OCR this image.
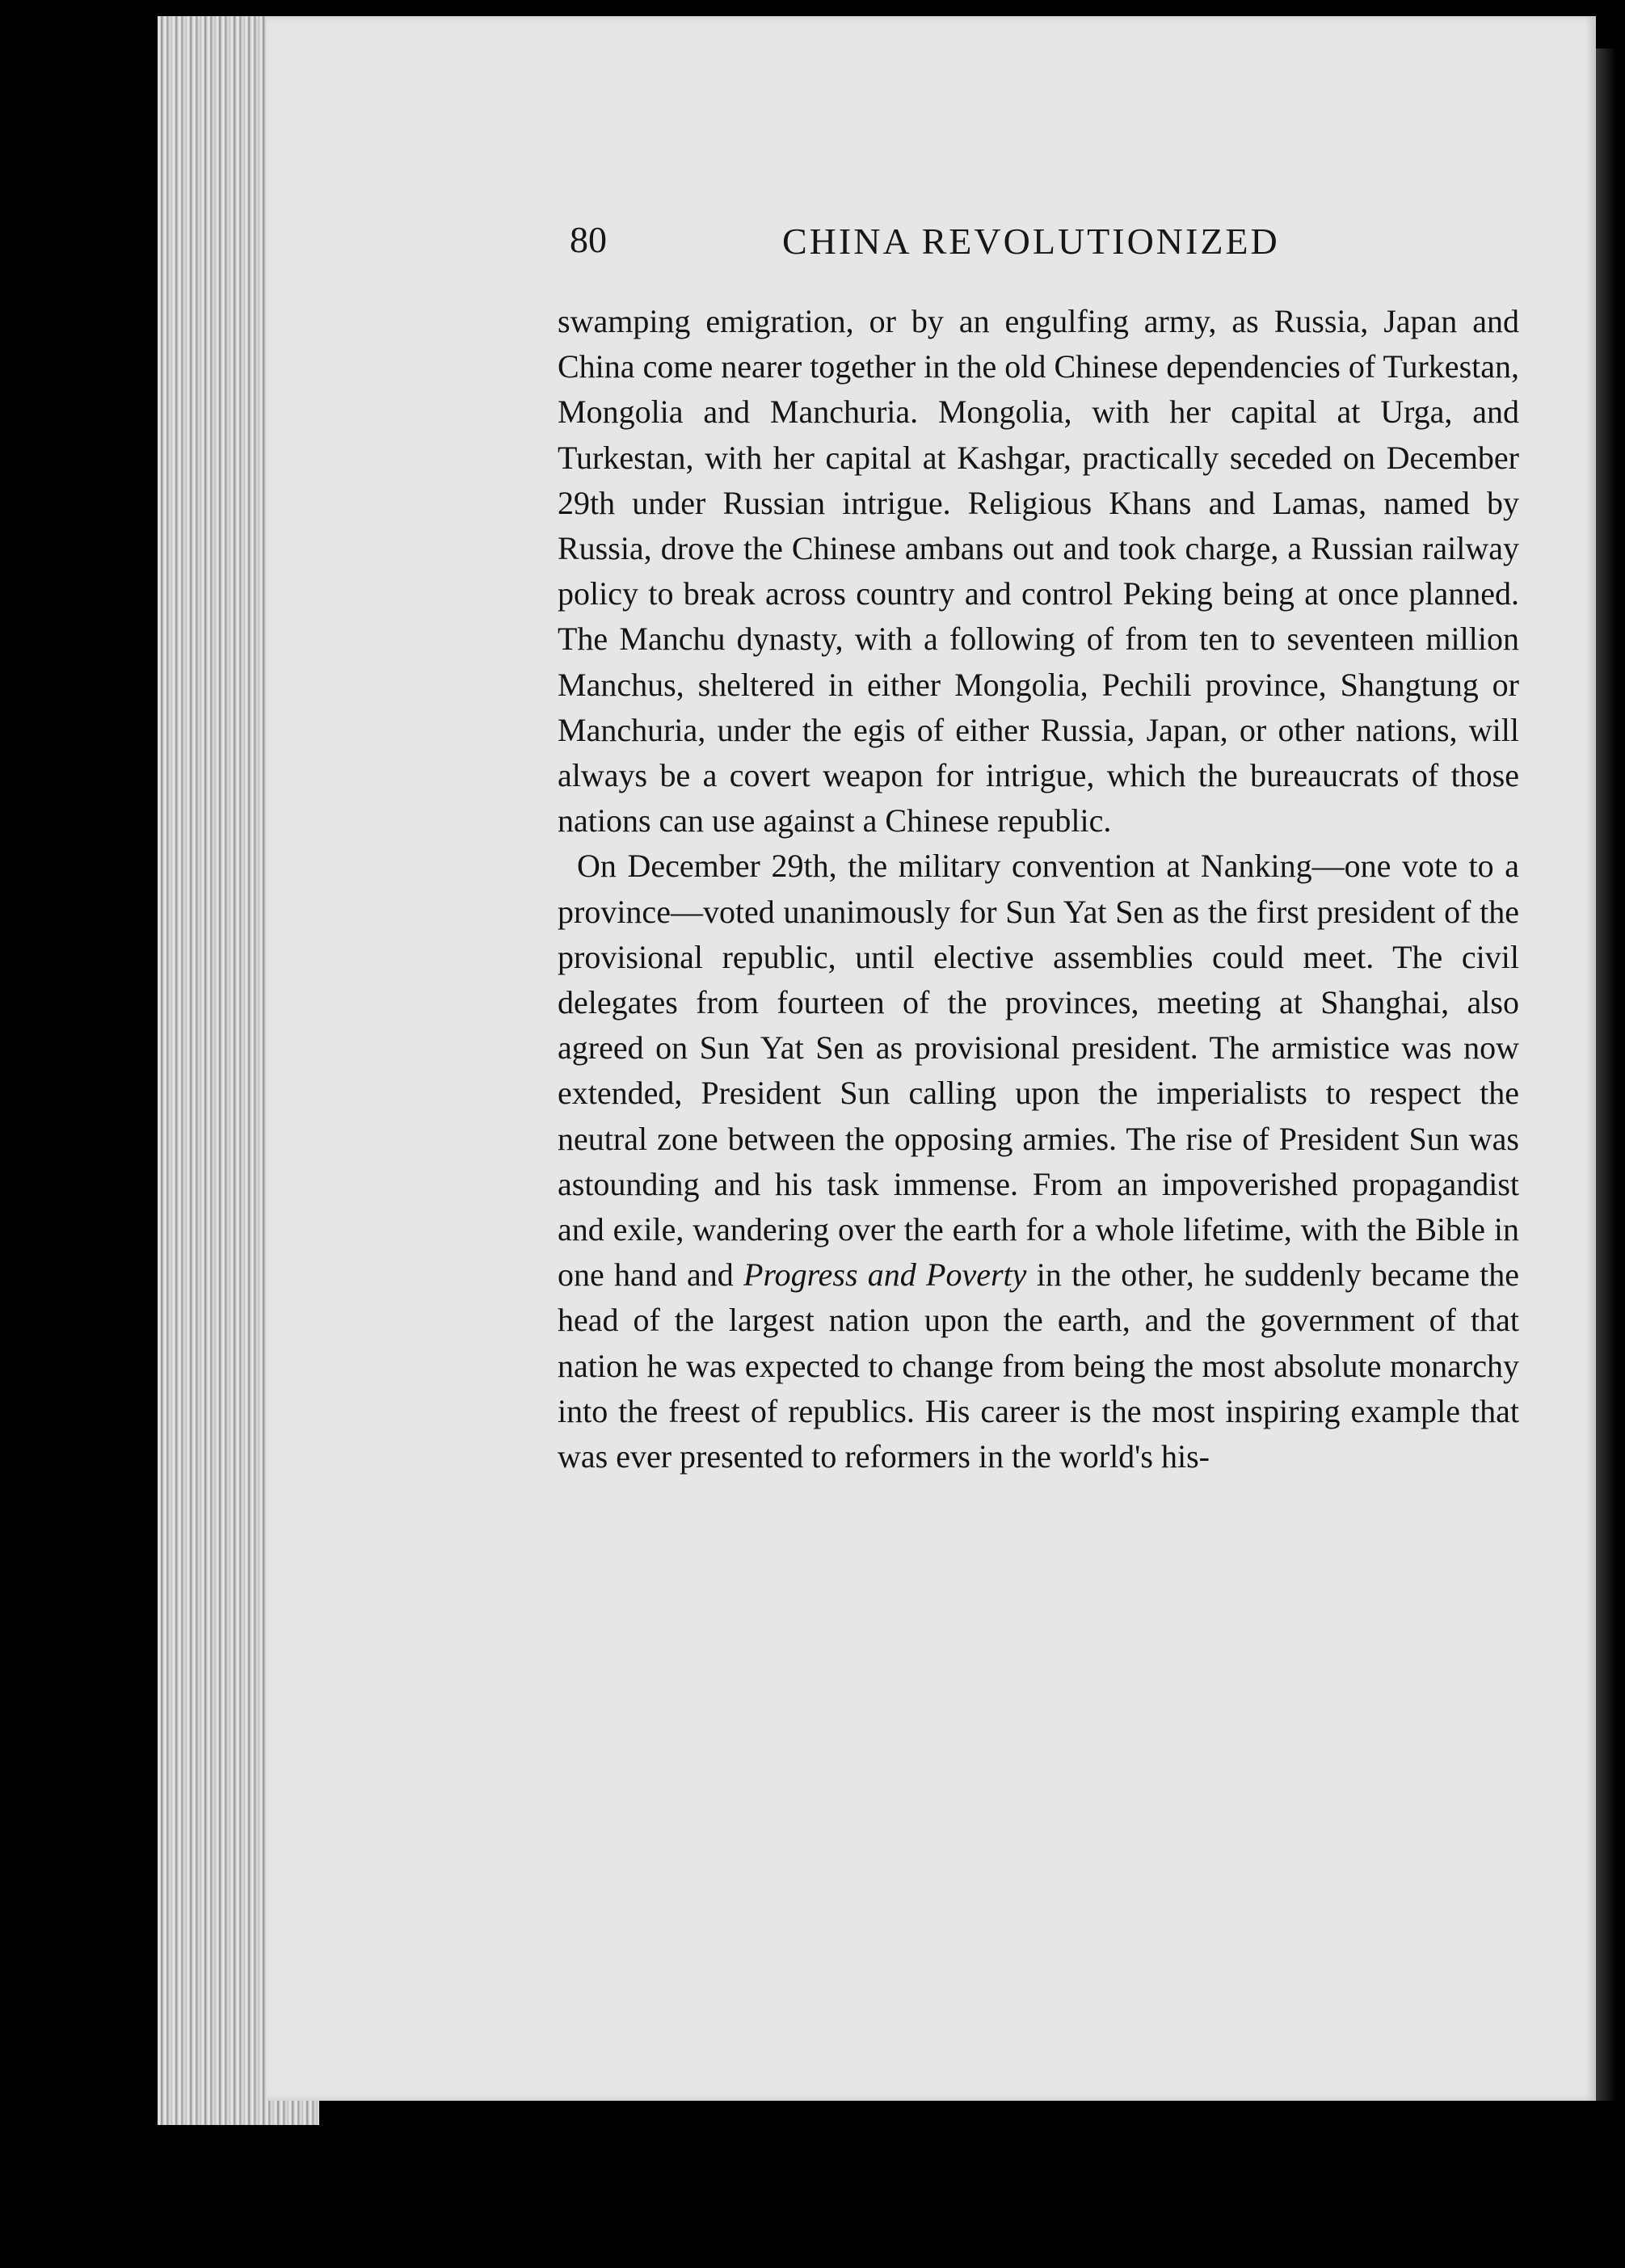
80	CHINA REVOLUTIONIZED

swamping emigration, or by an engulfing army, as Russia, Japan and China come nearer together in the old Chinese dependencies of Turkestan, Mongolia and Manchuria. Mongolia, with her capital at Urga, and Turkestan, with her capital at Kashgar, practically seceded on December 29th under Russian intrigue. Religious Khans and Lamas, named by Russia, drove the Chinese ambans out and took charge, a Russian railway policy to break across country and control Peking being at once planned. The Manchu dynasty, with a following of from ten to seventeen million Manchus, sheltered in either Mongolia, Pechili province, Shangtung or Manchuria, under the egis of either Russia, Japan, or other nations, will always be a covert weapon for intrigue, which the bureaucrats of those nations can use against a Chinese republic.

On December 29th, the military convention at Nanking—one vote to a province—voted unanimously for Sun Yat Sen as the first president of the provisional republic, until elective assemblies could meet. The civil delegates from fourteen of the provinces, meeting at Shanghai, also agreed on Sun Yat Sen as provisional president. The armistice was now extended, President Sun calling upon the imperialists to respect the neutral zone between the opposing armies. The rise of President Sun was astounding and his task immense. From an impoverished propagandist and exile, wandering over the earth for a whole lifetime, with the Bible in one hand and Progress and Poverty in the other, he suddenly became the head of the largest nation upon the earth, and the government of that nation he was expected to change from being the most absolute monarchy into the freest of republics. His career is the most inspiring example that was ever presented to reformers in the world's his-
